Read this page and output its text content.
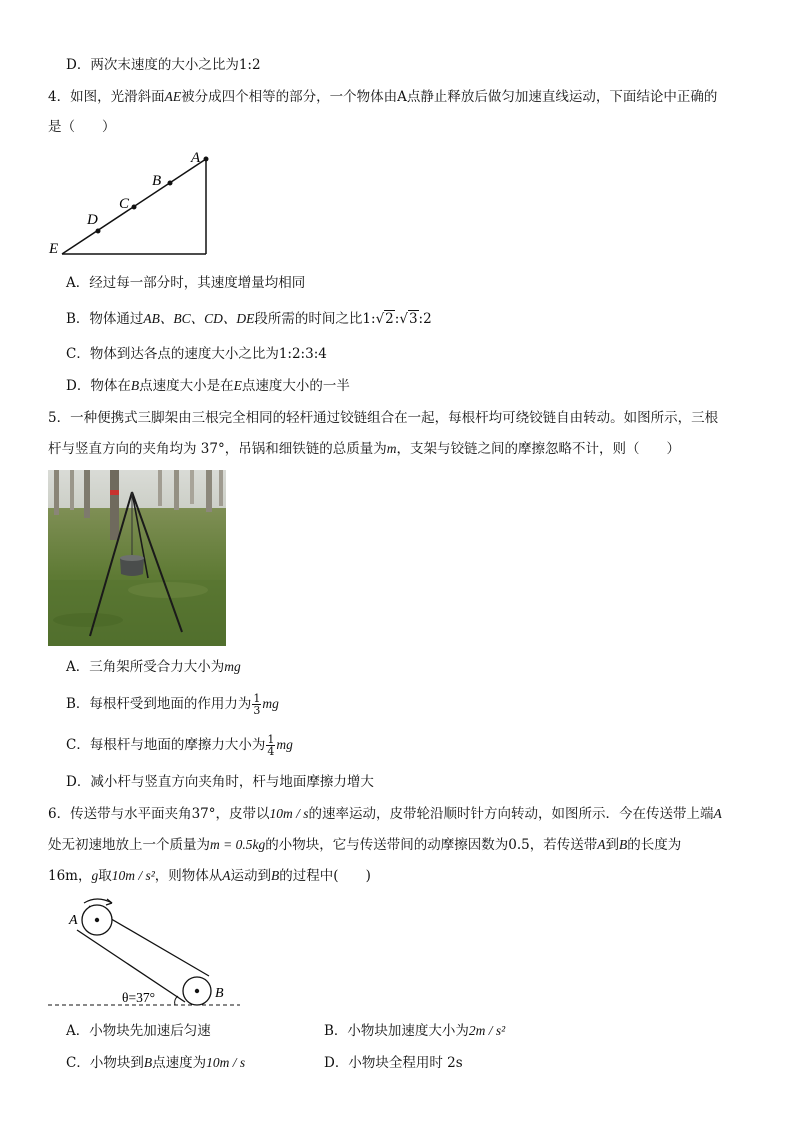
D．两次末速度的大小之比为1:2
4．如图，光滑斜面AE被分成四个相等的部分，一个物体由A点静止释放后做匀加速直线运动，下面结论中正确的
是（　　）
A
B
C
D
E
A．经过每一部分时，其速度增量均相同
B．物体通过AB、BC、CD、DE段所需的时间之比1:√2:√3:2
C．物体到达各点的速度大小之比为1:2:3:4
D．物体在B点速度大小是在E点速度大小的一半
5．一种便携式三脚架由三根完全相同的轻杆通过铰链组合在一起，每根杆均可绕铰链自由转动。如图所示，三根
杆与竖直方向的夹角均为 37°，吊锅和细铁链的总质量为m，支架与铰链之间的摩擦忽略不计，则（　　）
A．三角架所受合力大小为mg
B．每根杆受到地面的作用力为 $\frac{1}{3}$ mg
C．每根杆与地面的摩擦力大小为 $\frac{1}{4}$ mg
D．减小杆与竖直方向夹角时，杆与地面摩擦力增大
6．传送带与水平面夹角37°，皮带以10m / s的速率运动，皮带轮沿顺时针方向转动，如图所示．今在传送带上端A
处无初速地放上一个质量为m = 0.5kg的小物块，它与传送带间的动摩擦因数为0.5，若传送带A到B的长度为
16m，g取10m / s²，则物体从A运动到B的过程中(　　)
A
B
θ=37°
A．小物块先加速后匀速	B．小物块加速度大小为2m / s²
C．小物块到B点速度为10m / s	D．小物块全程用时 2s
